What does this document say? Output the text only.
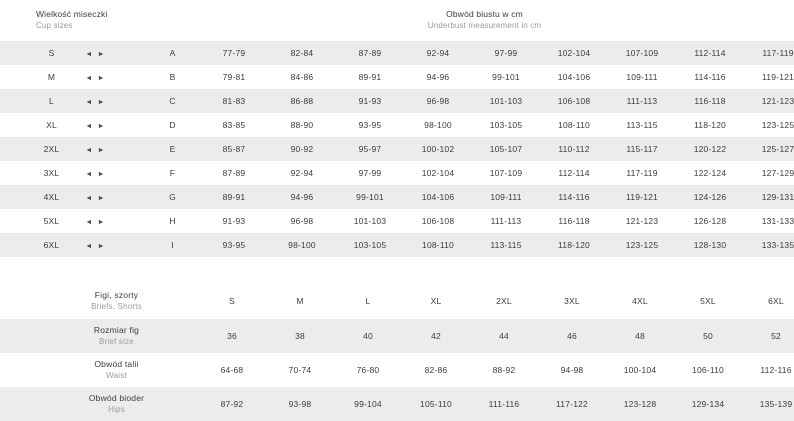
Wielkość miseczki
Cup sizes
Obwód biustu w cm
Underbust measurement in cm
S	◄ ►	A	77-79	82-84	87-89	92-94	97-99	102-104	107-109	112-114	117-119
M	◄ ►	B	79-81	84-86	89-91	94-96	99-101	104-106	109-111	114-116	119-121
L	◄ ►	C	81-83	86-88	91-93	96-98	101-103	106-108	111-113	116-118	121-123
XL	◄ ►	D	83-85	88-90	93-95	98-100	103-105	108-110	113-115	118-120	123-125
2XL	◄ ►	E	85-87	90-92	95-97	100-102	105-107	110-112	115-117	120-122	125-127
3XL	◄ ►	F	87-89	92-94	97-99	102-104	107-109	112-114	117-119	122-124	127-129
4XL	◄ ►	G	89-91	94-96	99-101	104-106	109-111	114-116	119-121	124-126	129-131
5XL	◄ ►	H	91-93	96-98	101-103	106-108	111-113	116-118	121-123	126-128	131-133
6XL	◄ ►	I	93-95	98-100	103-105	108-110	113-115	118-120	123-125	128-130	133-135
Figi, szorty
Briefs, Shorts	S	M	L	XL	2XL	3XL	4XL	5XL	6XL

Rozmiar fig
Brief size	36	38	40	42	44	46	48	50	52

Obwód talii
Waist	64-68	70-74	76-80	82-86	88-92	94-98	100-104	106-110	112-116

Obwód bioder
Hips	87-92	93-98	99-104	105-110	111-116	117-122	123-128	129-134	135-139
